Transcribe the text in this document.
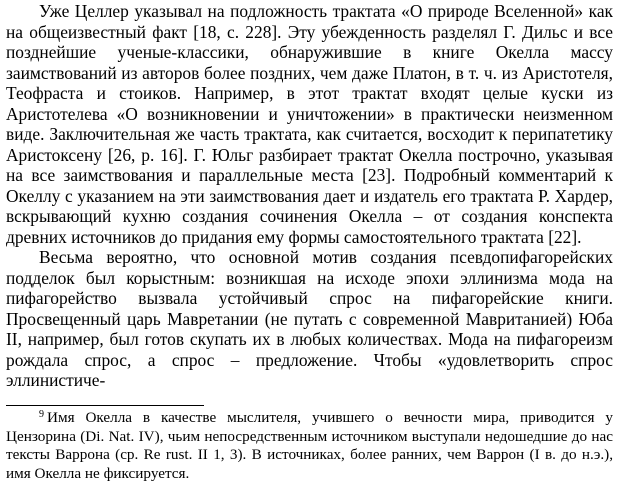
Уже Целлер указывал на подложность трактата «О природе Вселенной» как на общеизвестный факт [18, с. 228]. Эту убежденность разделял Г. Дильс и все позднейшие ученые-классики, обнаружившие в книге Окелла массу заимствований из авторов более поздних, чем даже Платон, в т. ч. из Аристотеля, Теофраста и стоиков. Например, в этот трактат входят целые куски из Аристотелева «О возникновении и уничтожении» в практически неизменном виде. Заключительная же часть трактата, как считается, восходит к перипатетику Аристоксену [26, p. 16]. Г. Юльг разбирает трактат Окелла построчно, указывая на все заимствования и параллельные места [23]. Подробный комментарий к Океллу с указанием на эти заимствования дает и издатель его трактата Р. Хардер, вскрывающий кухню создания сочинения Окелла – от создания конспекта древних источников до придания ему формы самостоятельного трактата [22].

Весьма вероятно, что основной мотив создания псевдопифагорейских подделок был корыстным: возникшая на исходе эпохи эллинизма мода на пифагорейство вызвала устойчивый спрос на пифагорейские книги. Просвещенный царь Мавретании (не путать с современной Мавританией) Юба II, например, был готов скупать их в любых количествах. Мода на пифагореизм рождала спрос, а спрос – предложение. Чтобы «удовлетворить спрос эллинистиче-

$^9$ Имя Окелла в качестве мыслителя, учившего о вечности мира, приводится у Цензорина (Di. Nat. IV), чьим непосредственным источником выступали недошедшие до нас тексты Варрона (ср. Re rust. II 1, 3). В источниках, более ранних, чем Варрон (I в. до н.э.), имя Окелла не фиксируется.
